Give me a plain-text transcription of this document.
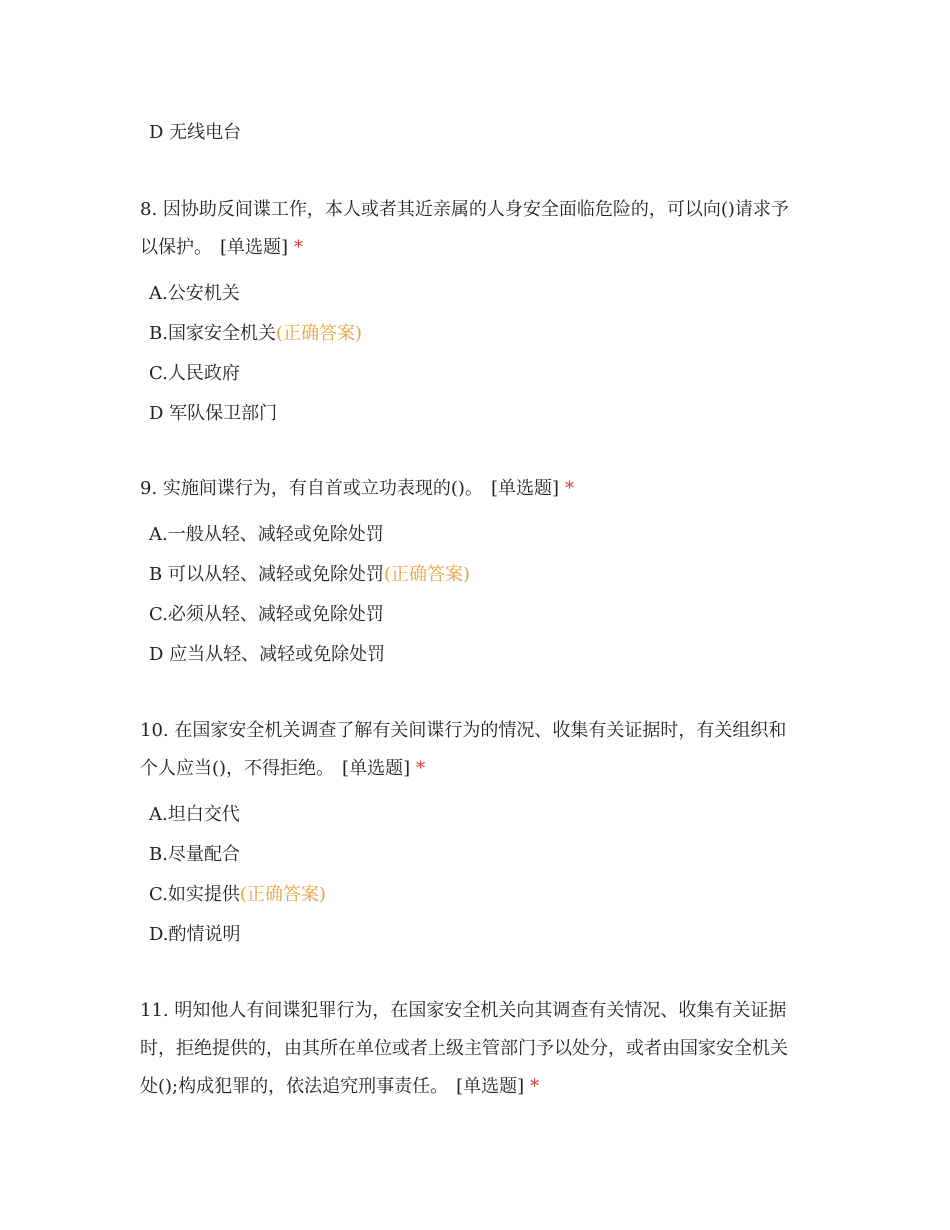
D 无线电台
8. 因协助反间谍工作，本人或者其近亲属的人身安全面临危险的，可以向()请求予
以保护。 [单选题] *
A.公安机关
B.国家安全机关(正确答案)
C.人民政府
D 军队保卫部门
9. 实施间谍行为，有自首或立功表现的()。 [单选题] *
A.一般从轻、减轻或免除处罚
B 可以从轻、减轻或免除处罚(正确答案)
C.必须从轻、减轻或免除处罚
D 应当从轻、减轻或免除处罚
10. 在国家安全机关调查了解有关间谍行为的情况、收集有关证据时，有关组织和
个人应当()，不得拒绝。 [单选题] *
A.坦白交代
B.尽量配合
C.如实提供(正确答案)
D.酌情说明
11. 明知他人有间谍犯罪行为，在国家安全机关向其调查有关情况、收集有关证据
时，拒绝提供的，由其所在单位或者上级主管部门予以处分，或者由国家安全机关
处();构成犯罪的，依法追究刑事责任。 [单选题] *
